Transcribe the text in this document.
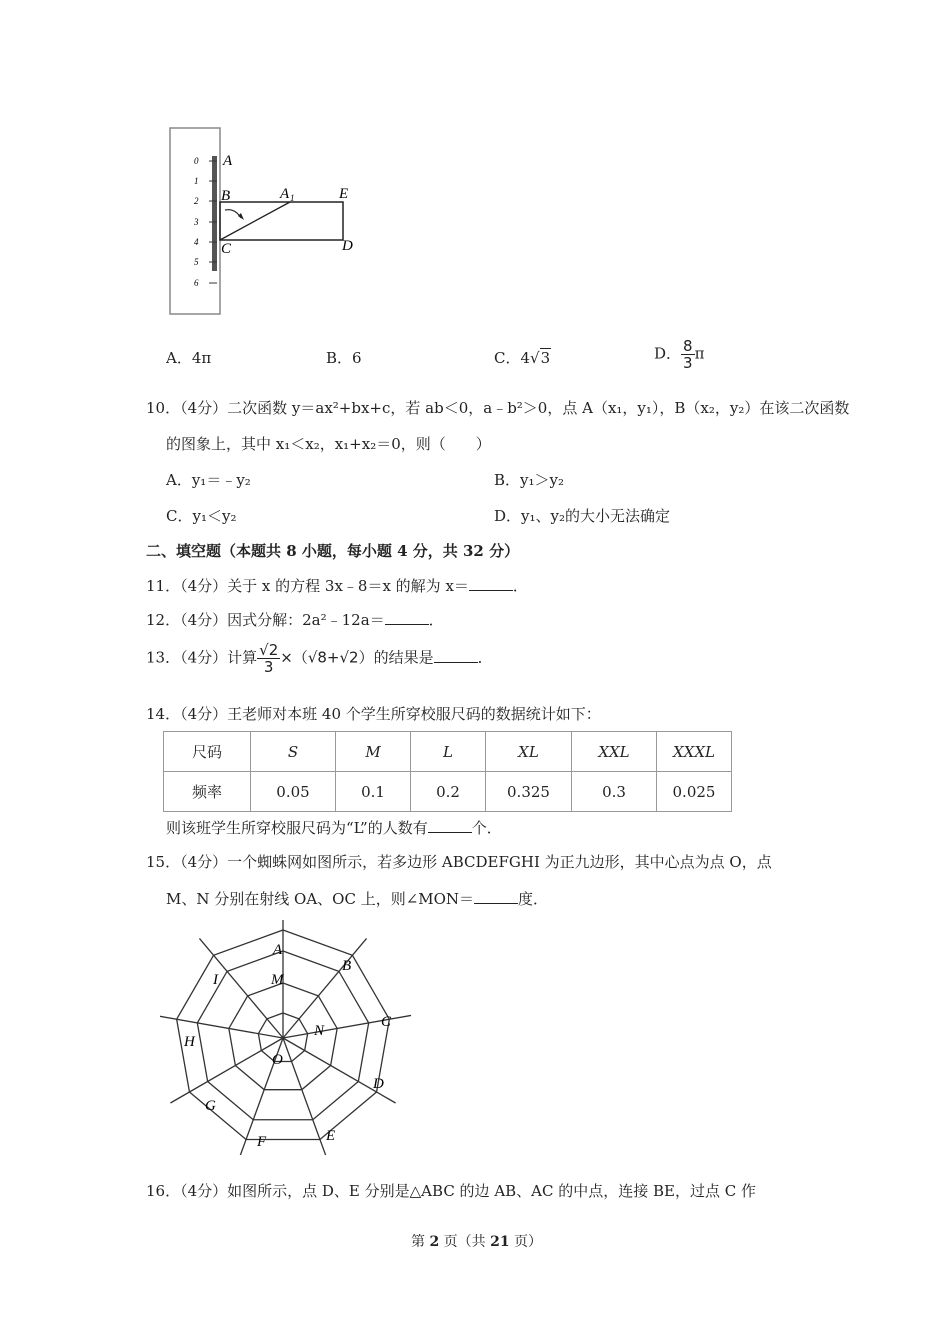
0
1
2
3
4
5
6
A
B	A 1	E
C	D
A．4π	B．6	C．4√3	D． $\frac{8}{3}$ π
10．（4分）二次函数 y＝ax²+bx+c，若 ab＜0，a﹣b²＞0，点 A（x₁，y₁），B（x₂，y₂）在该二次函数
的图象上，其中 x₁＜x₂，x₁+x₂＝0，则（　　）
A．y₁＝﹣y₂	B．y₁＞y₂
C．y₁＜y₂	D．y₁、y₂的大小无法确定
二、填空题（本题共 8 小题，每小题 4 分，共 32 分）
11．（4分）关于 x 的方程 3x﹣8＝x 的解为 x＝	．
12．（4分）因式分解：2a²﹣12a＝	．
13．（4分）计算 $\frac{√2}{3} \times(√8+√2)$的结果是	．
14．（4分）王老师对本班 40 个学生所穿校服尺码的数据统计如下：
尺码	S	M	L	XL	XXL	XXXL
频率	0.05	0.1	0.2	0.325	0.3	0.025
则该班学生所穿校服尺码为“L”的人数有	个．
15．（4分）一个蜘蛛网如图所示，若多边形 ABCDEFGHI 为正九边形，其中心点为点 O，点
M、N 分别在射线 OA、OC 上，则∠MON＝	度．
A
B
C
D
E
F
G
H
I	M
N
O
16．（4分）如图所示，点 D、E 分别是△ABC 的边 AB、AC 的中点，连接 BE，过点 C 作
第 2 页（共 21 页）
